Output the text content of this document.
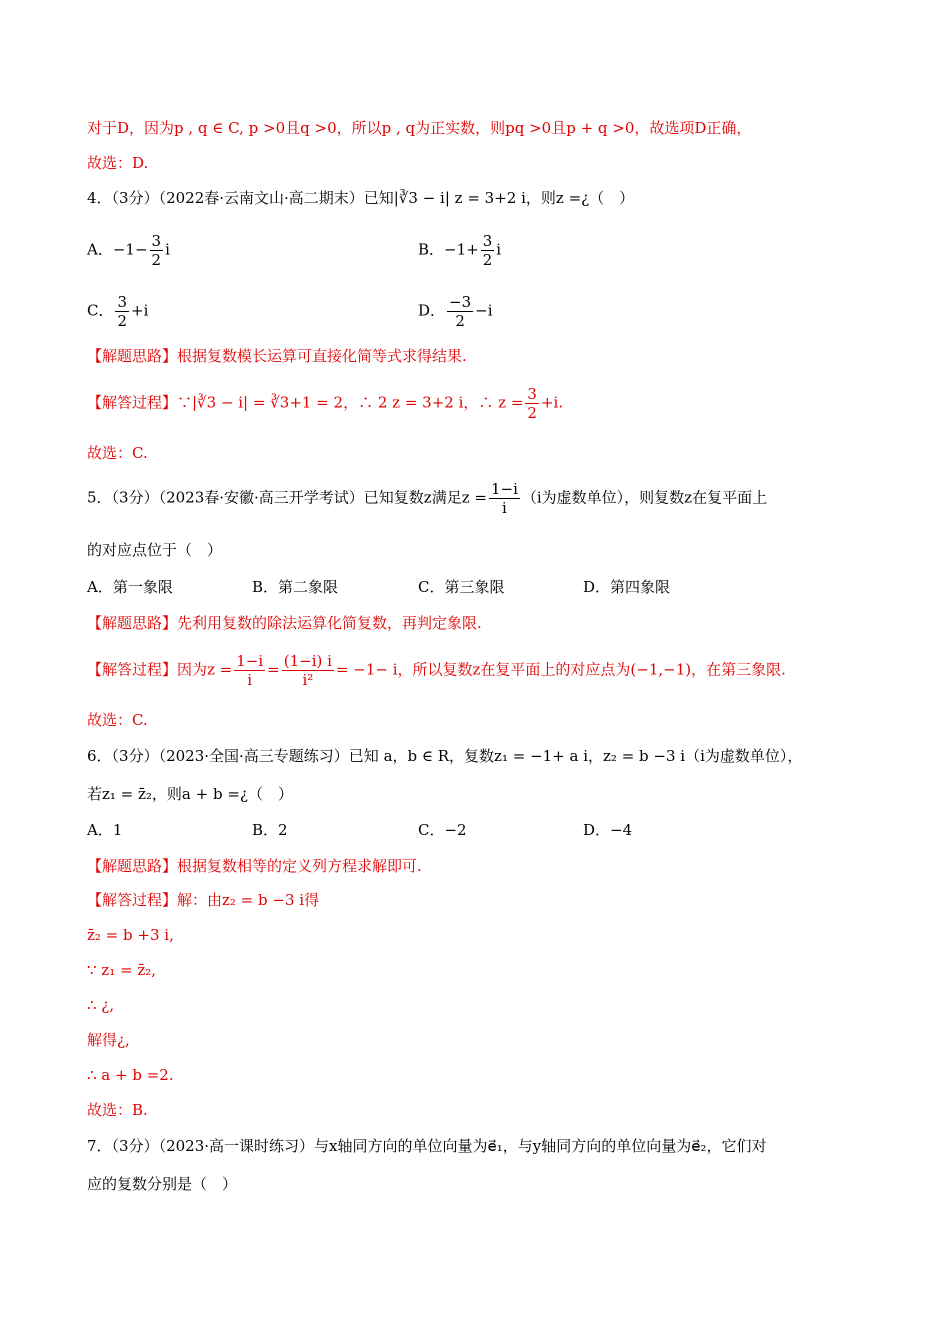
对于D，因为p , q ∈ C, p >0且q >0，所以p , q为正实数，则pq >0且p + q >0，故选项D正确，
故选：D.
4．（3分）（2022春·云南文山·高二期末）已知|∛3 − i| z = 3+2 i，则z =¿（　）
A．$-1- \frac{3}{2}$ i	B．$-1+ \frac{3}{2}$ i
C． $\frac{3}{2} +i$	D． $\frac{-3}{2} -i$
【解题思路】根据复数模长运算可直接化简等式求得结果.
【解答过程】∵|∛3 − i| = ∛3+1 = 2，∴ 2 z = 3+2 i，∴ $z = \frac{3}{2} +i$.
故选：C.
5．（3分）（2023春·安徽·高三开学考试）已知复数z满足$z = \frac{1-i}{i} (i$为虚数单位），则复数z在复平面上
的对应点位于（　）
A．第一象限	B．第二象限	C．第三象限	D．第四象限
【解题思路】先利用复数的除法运算化简复数，再判定象限.
【解答过程】因为$z = \frac{1-i}{i} = \frac{(1-i) i}{\text{i²}} = -1- i$，所以复数z在复平面上的对应点为(−1,−1)，在第三象限.
故选：C.
6．（3分）（2023·全国·高三专题练习）已知 a，b ∈ R，复数z₁ = −1+ a i，z₂ = b −3 i（i为虚数单位），
若z₁ = z̄₂，则a + b =¿（　）
A．1	B．2	C．−2	D．−4
【解题思路】根据复数相等的定义列方程求解即可.
【解答过程】解：由z₂ = b −3 i得
z̄₂ = b +3 i,
∵ z₁ = z̄₂,
∴ ¿,
解得¿,
∴ a + b =2.
故选：B.
7．（3分）（2023·高一课时练习）与x轴同方向的单位向量为e⃗₁，与y轴同方向的单位向量为e⃗₂，它们对
应的复数分别是（　）
